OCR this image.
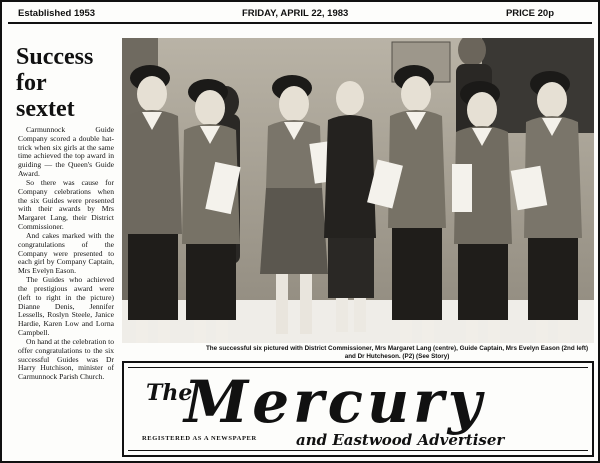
Established 1953	FRIDAY, APRIL 22, 1983	PRICE 20p
Success
for
sextet

Carmunnock Guide Company scored a double hat-trick when six girls at the same time achieved the top award in guiding — the Queen's Guide Award.

So there was cause for Company celebrations when the six Guides were presented with their awards by Mrs Margaret Lang, their District Commissioner.

And cakes marked with the congratulations of the Company were presented to each girl by Company Captain, Mrs Evelyn Eason.

The Guides who achieved the prestigious award were (left to right in the picture) Dianne Denis, Jennifer Lessells, Roslyn Steele, Janice Hardie, Karen Low and Lorna Campbell.

On hand at the celebration to offer congratulations to the six successful Guides was Dr Harry Hutchison, minister of Carmunnock Parish Church.

The successful six pictured with District Commissioner, Mrs Margaret Lang (centre), Guide Captain, Mrs Evelyn Eason (2nd left) and Dr Hutcheson. (P2) (See Story)
The
Mercury
REGISTERED AS A NEWSPAPER	and Eastwood Advertiser
